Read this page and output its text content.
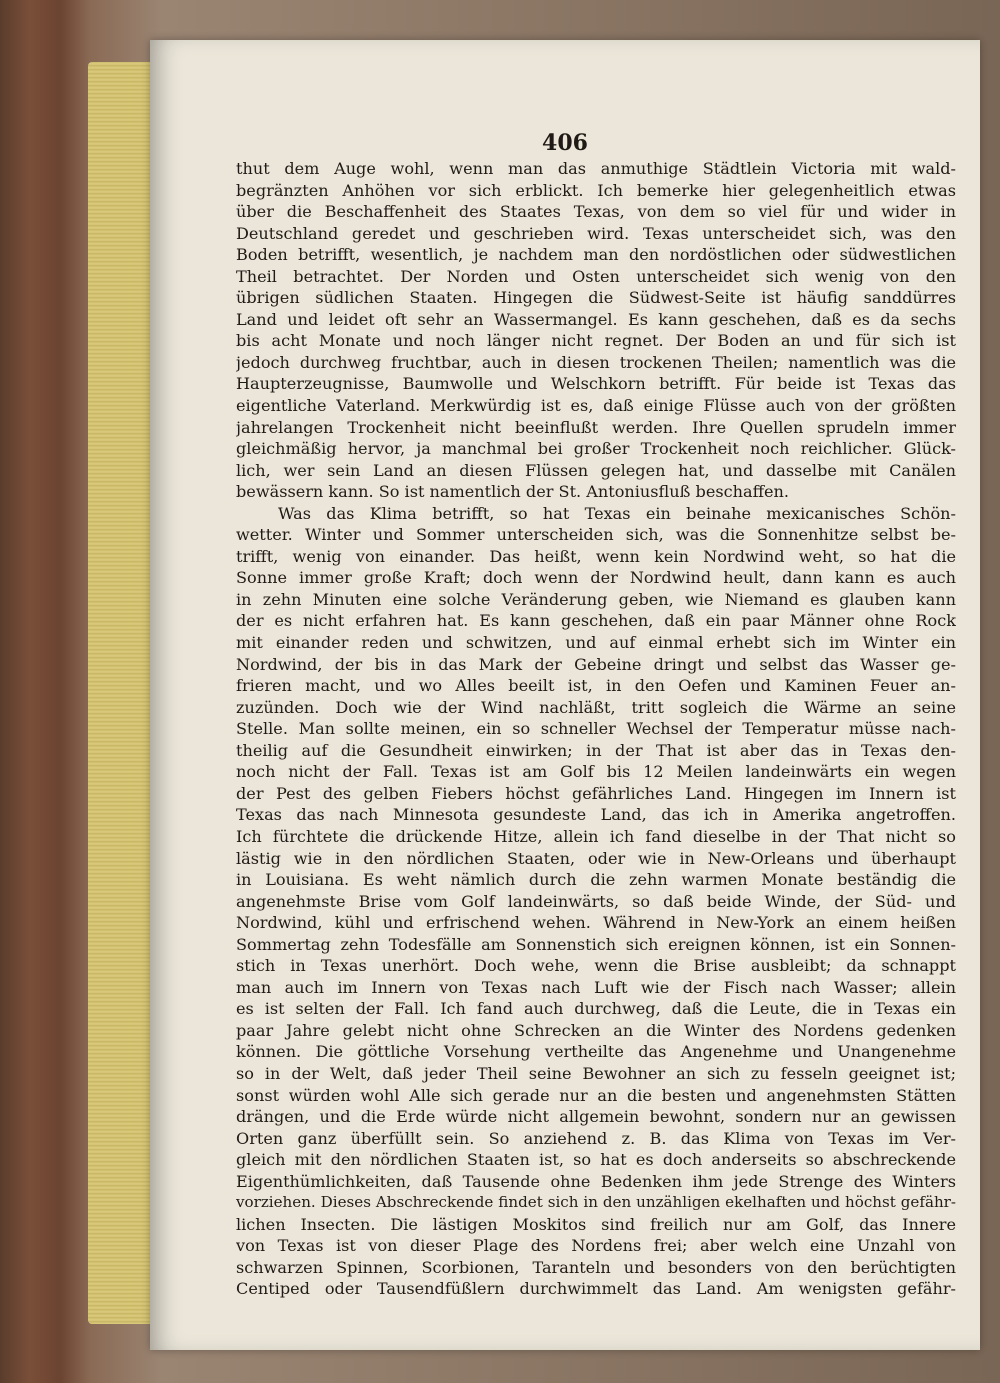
406
thut dem Auge wohl, wenn man das anmuthige Städtlein Victoria mit wald-
begränzten Anhöhen vor sich erblickt. Ich bemerke hier gelegenheitlich etwas
über die Beschaffenheit des Staates Texas, von dem so viel für und wider in
Deutschland geredet und geschrieben wird. Texas unterscheidet sich, was den
Boden betrifft, wesentlich, je nachdem man den nordöstlichen oder südwestlichen
Theil betrachtet. Der Norden und Osten unterscheidet sich wenig von den
übrigen südlichen Staaten. Hingegen die Südwest-Seite ist häufig sanddürres
Land und leidet oft sehr an Wassermangel. Es kann geschehen, daß es da sechs
bis acht Monate und noch länger nicht regnet. Der Boden an und für sich ist
jedoch durchweg fruchtbar, auch in diesen trockenen Theilen; namentlich was die
Haupterzeugnisse, Baumwolle und Welschkorn betrifft. Für beide ist Texas das
eigentliche Vaterland. Merkwürdig ist es, daß einige Flüsse auch von der größten
jahrelangen Trockenheit nicht beeinflußt werden. Ihre Quellen sprudeln immer
gleichmäßig hervor, ja manchmal bei großer Trockenheit noch reichlicher. Glück-
lich, wer sein Land an diesen Flüssen gelegen hat, und dasselbe mit Canälen
bewässern kann. So ist namentlich der St. Antoniusfluß beschaffen.
Was das Klima betrifft, so hat Texas ein beinahe mexicanisches Schön-
wetter. Winter und Sommer unterscheiden sich, was die Sonnenhitze selbst be-
trifft, wenig von einander. Das heißt, wenn kein Nordwind weht, so hat die
Sonne immer große Kraft; doch wenn der Nordwind heult, dann kann es auch
in zehn Minuten eine solche Veränderung geben, wie Niemand es glauben kann
der es nicht erfahren hat. Es kann geschehen, daß ein paar Männer ohne Rock
mit einander reden und schwitzen, und auf einmal erhebt sich im Winter ein
Nordwind, der bis in das Mark der Gebeine dringt und selbst das Wasser ge-
frieren macht, und wo Alles beeilt ist, in den Oefen und Kaminen Feuer an-
zuzünden. Doch wie der Wind nachläßt, tritt sogleich die Wärme an seine
Stelle. Man sollte meinen, ein so schneller Wechsel der Temperatur müsse nach-
theilig auf die Gesundheit einwirken; in der That ist aber das in Texas den-
noch nicht der Fall. Texas ist am Golf bis 12 Meilen landeinwärts ein wegen
der Pest des gelben Fiebers höchst gefährliches Land. Hingegen im Innern ist
Texas das nach Minnesota gesundeste Land, das ich in Amerika angetroffen.
Ich fürchtete die drückende Hitze, allein ich fand dieselbe in der That nicht so
lästig wie in den nördlichen Staaten, oder wie in New-Orleans und überhaupt
in Louisiana. Es weht nämlich durch die zehn warmen Monate beständig die
angenehmste Brise vom Golf landeinwärts, so daß beide Winde, der Süd- und
Nordwind, kühl und erfrischend wehen. Während in New-York an einem heißen
Sommertag zehn Todesfälle am Sonnenstich sich ereignen können, ist ein Sonnen-
stich in Texas unerhört. Doch wehe, wenn die Brise ausbleibt; da schnappt
man auch im Innern von Texas nach Luft wie der Fisch nach Wasser; allein
es ist selten der Fall. Ich fand auch durchweg, daß die Leute, die in Texas ein
paar Jahre gelebt nicht ohne Schrecken an die Winter des Nordens gedenken
können. Die göttliche Vorsehung vertheilte das Angenehme und Unangenehme
so in der Welt, daß jeder Theil seine Bewohner an sich zu fesseln geeignet ist;
sonst würden wohl Alle sich gerade nur an die besten und angenehmsten Stätten
drängen, und die Erde würde nicht allgemein bewohnt, sondern nur an gewissen
Orten ganz überfüllt sein. So anziehend z. B. das Klima von Texas im Ver-
gleich mit den nördlichen Staaten ist, so hat es doch anderseits so abschreckende
Eigenthümlichkeiten, daß Tausende ohne Bedenken ihm jede Strenge des Winters
vorziehen. Dieses Abschreckende findet sich in den unzähligen ekelhaften und höchst gefähr-
lichen Insecten. Die lästigen Moskitos sind freilich nur am Golf, das Innere
von Texas ist von dieser Plage des Nordens frei; aber welch eine Unzahl von
schwarzen Spinnen, Scorbionen, Taranteln und besonders von den berüchtigten
Centiped oder Tausendfüßlern durchwimmelt das Land. Am wenigsten gefähr-
